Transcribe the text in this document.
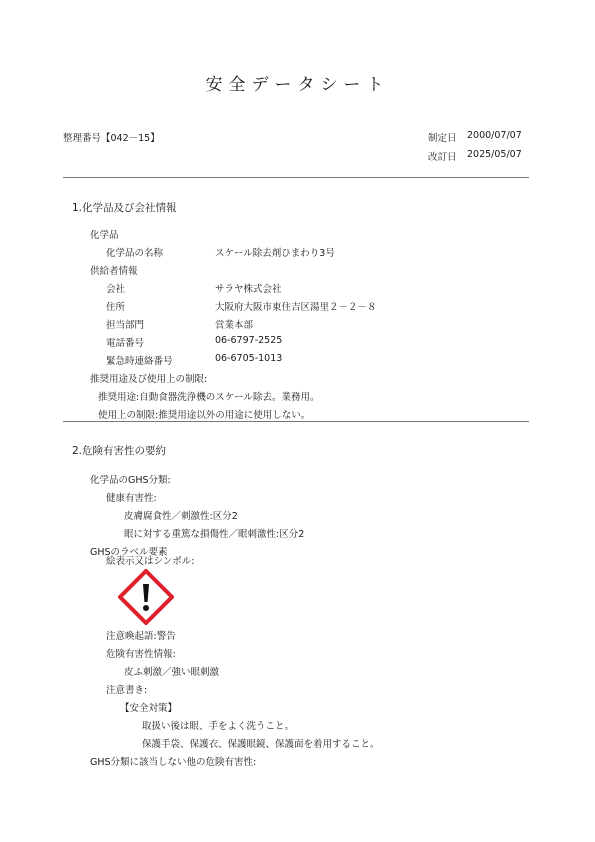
安全データシート
整理番号【042－15】	制定日 2000/07/07
改訂日 2025/05/07
1.化学品及び会社情報
化学品
化学品の名称	スケール除去剤ひまわり3号
供給者情報
会社	サラヤ株式会社
住所	大阪府大阪市東住吉区湯里２－２－８
担当部門	営業本部
電話番号	06-6797-2525
緊急時連絡番号	06-6705-1013
推奨用途及び使用上の制限:
推奨用途:自動食器洗浄機のスケール除去。業務用。
使用上の制限:推奨用途以外の用途に使用しない。
2.危険有害性の要約
化学品のGHS分類:
健康有害性:
皮膚腐食性／刺激性:区分2
眼に対する重篤な損傷性／眼刺激性:区分2
GHSのラベル要素
絵表示又はシンボル:
注意喚起語:警告
危険有害性情報:
皮ふ刺激／強い眼刺激
注意書き:
【安全対策】
取扱い後は眼、手をよく洗うこと。
保護手袋、保護衣、保護眼鏡、保護面を着用すること。
GHS分類に該当しない他の危険有害性:
